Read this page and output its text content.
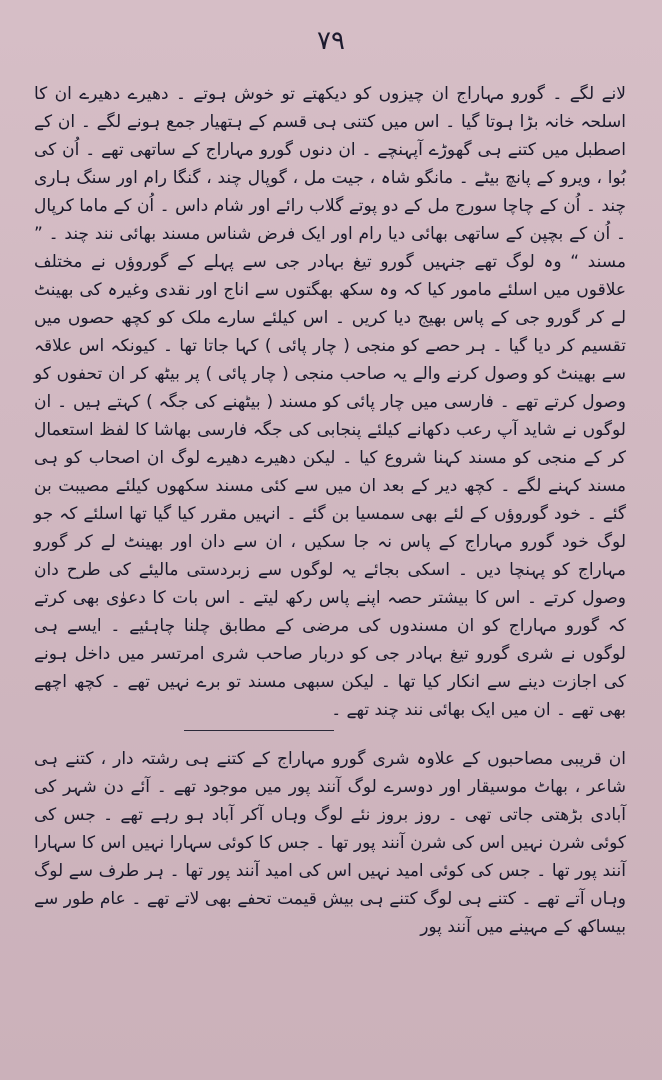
۷۹

لانے لگے ۔ گورو مہاراج ان چیزوں کو دیکھتے تو خوش ہوتے ۔ دھیرے دھیرے ان کا اسلحہ خانہ بڑا ہوتا گیا ۔ اس میں کتنی ہی قسم کے ہتھیار جمع ہونے لگے ۔ ان کے اصطبل میں کتنے ہی گھوڑے آپہنچے ۔ ان دنوں گورو مہاراج کے ساتھی تھے ۔ اُن کی بُوا ، ویرو کے پانچ بیٹے ۔ مانگو شاہ ، جیت مل ، گوپال چند ، گنگا رام اور سنگ ہاری چند ۔ اُن کے چاچا سورج مل کے دو پوتے گلاب رائے اور شام داس ۔ اُن کے ماما کرپال ۔ اُن کے بچپن کے ساتھی بھائی دیا رام اور ایک فرض شناس مسند بھائی نند چند ۔ ” مسند “ وہ لوگ تھے جنہیں گورو تیغ بہادر جی سے پہلے کے گوروؤں نے مختلف علاقوں میں اسلئے مامور کیا کہ وہ سکھ بھگتوں سے اناج اور نقدی وغیرہ کی بھینٹ لے کر گورو جی کے پاس بھیج دیا کریں ۔ اس کیلئے سارے ملک کو کچھ حصوں میں تقسیم کر دیا گیا ۔ ہر حصے کو منجی ( چار پائی ) کہا جاتا تھا ۔ کیونکہ اس علاقہ سے بھینٹ کو وصول کرنے والے یہ صاحب منجی ( چار پائی ) پر بیٹھ کر ان تحفوں کو وصول کرتے تھے ۔ فارسی میں چار پائی کو مسند ( بیٹھنے کی جگہ ) کہتے ہیں ۔ ان لوگوں نے شاید آپ رعب دکھانے کیلئے پنجابی کی جگہ فارسی بھاشا کا لفظ استعمال کر کے منجی کو مسند کہنا شروع کیا ۔ لیکن دھیرے دھیرے لوگ ان اصحاب کو ہی مسند کہنے لگے ۔ کچھ دیر کے بعد ان میں سے کئی مسند سکھوں کیلئے مصیبت بن گئے ۔ خود گوروؤں کے لئے بھی سمسیا بن گئے ۔ انہیں مقرر کیا گیا تھا اسلئے کہ جو لوگ خود گورو مہاراج کے پاس نہ جا سکیں ، ان سے دان اور بھینٹ لے کر گورو مہاراج کو پہنچا دیں ۔ اسکی بجائے یہ لوگوں سے زبردستی مالیئے کی طرح دان وصول کرتے ۔ اس کا بیشتر حصہ اپنے پاس رکھ لیتے ۔ اس بات کا دعوٰی بھی کرتے کہ گورو مہاراج کو ان مسندوں کی مرضی کے مطابق چلنا چاہئیے ۔ ایسے ہی لوگوں نے شری گورو تیغ بہادر جی کو دربار صاحب شری امرتسر میں داخل ہونے کی اجازت دینے سے انکار کیا تھا ۔ لیکن سبھی مسند تو برے نہیں تھے ۔ کچھ اچھے بھی تھے ۔ ان میں ایک بھائی نند چند تھے ۔

ان قریبی مصاحبوں کے علاوہ شری گورو مہاراج کے کتنے ہی رشتہ دار ، کتنے ہی شاعر ، بھاٹ موسیقار اور دوسرے لوگ آنند پور میں موجود تھے ۔ آئے دن شہر کی آبادی بڑھتی جاتی تھی ۔ روز بروز نئے لوگ وہاں آکر آباد ہو رہے تھے ۔ جس کی کوئی شرن نہیں اس کی شرن آنند پور تھا ۔ جس کا کوئی سہارا نہیں اس کا سہارا آنند پور تھا ۔ جس کی کوئی امید نہیں اس کی امید آنند پور تھا ۔ ہر طرف سے لوگ وہاں آتے تھے ۔ کتنے ہی لوگ کتنے ہی بیش قیمت تحفے بھی لاتے تھے ۔ عام طور سے بیساکھ کے مہینے میں آنند پور
